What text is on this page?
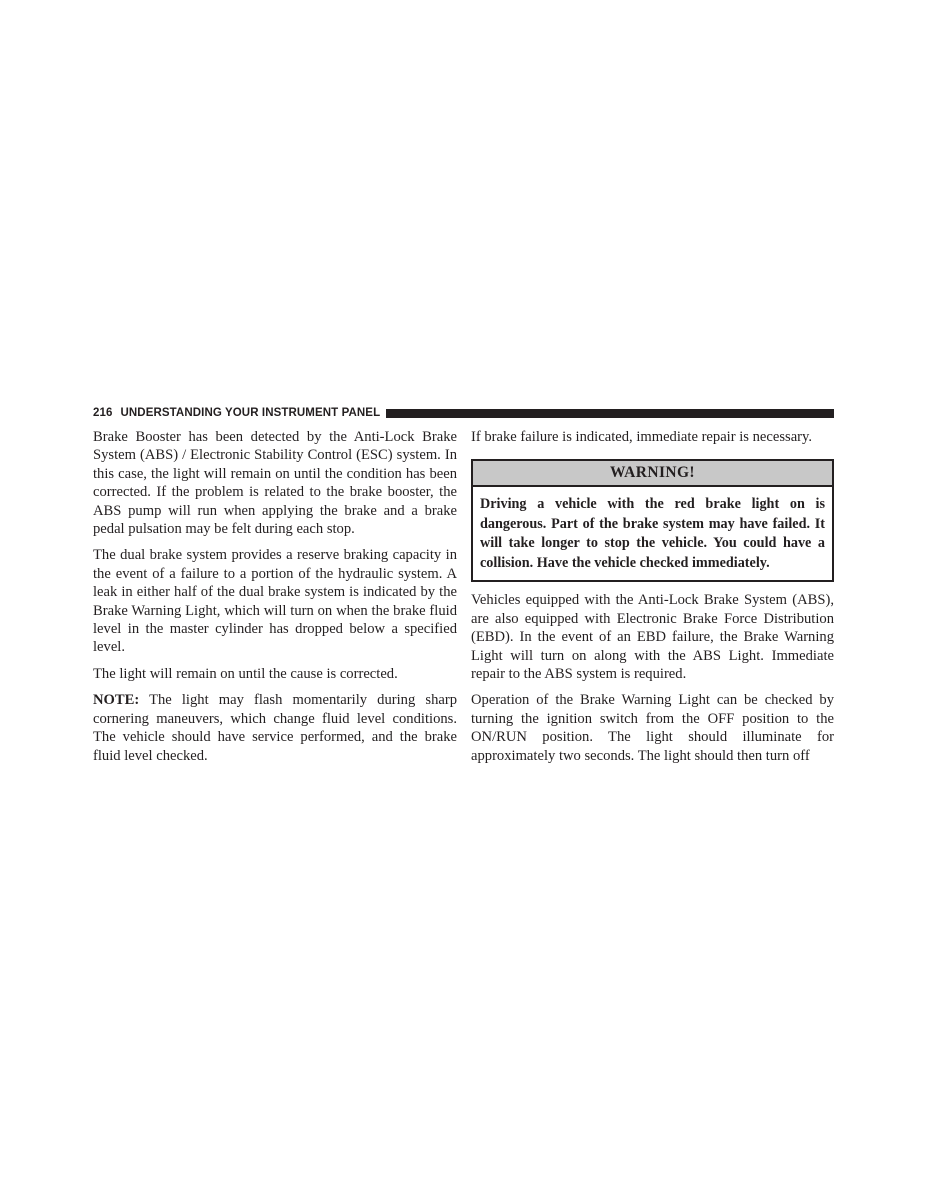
216 UNDERSTANDING YOUR INSTRUMENT PANEL

Brake Booster has been detected by the Anti-Lock Brake System (ABS) / Electronic Stability Control (ESC) system. In this case, the light will remain on until the condition has been corrected. If the problem is related to the brake booster, the ABS pump will run when applying the brake and a brake pedal pulsation may be felt during each stop.

The dual brake system provides a reserve braking capacity in the event of a failure to a portion of the hydraulic system. A leak in either half of the dual brake system is indicated by the Brake Warning Light, which will turn on when the brake fluid level in the master cylinder has dropped below a specified level.

The light will remain on until the cause is corrected.

NOTE: The light may flash momentarily during sharp cornering maneuvers, which change fluid level conditions. The vehicle should have service performed, and the brake fluid level checked.

If brake failure is indicated, immediate repair is necessary.

WARNING!
Driving a vehicle with the red brake light on is dangerous. Part of the brake system may have failed. It will take longer to stop the vehicle. You could have a collision. Have the vehicle checked immediately.

Vehicles equipped with the Anti-Lock Brake System (ABS), are also equipped with Electronic Brake Force Distribution (EBD). In the event of an EBD failure, the Brake Warning Light will turn on along with the ABS Light. Immediate repair to the ABS system is required.

Operation of the Brake Warning Light can be checked by turning the ignition switch from the OFF position to the ON/RUN position. The light should illuminate for approximately two seconds. The light should then turn off
